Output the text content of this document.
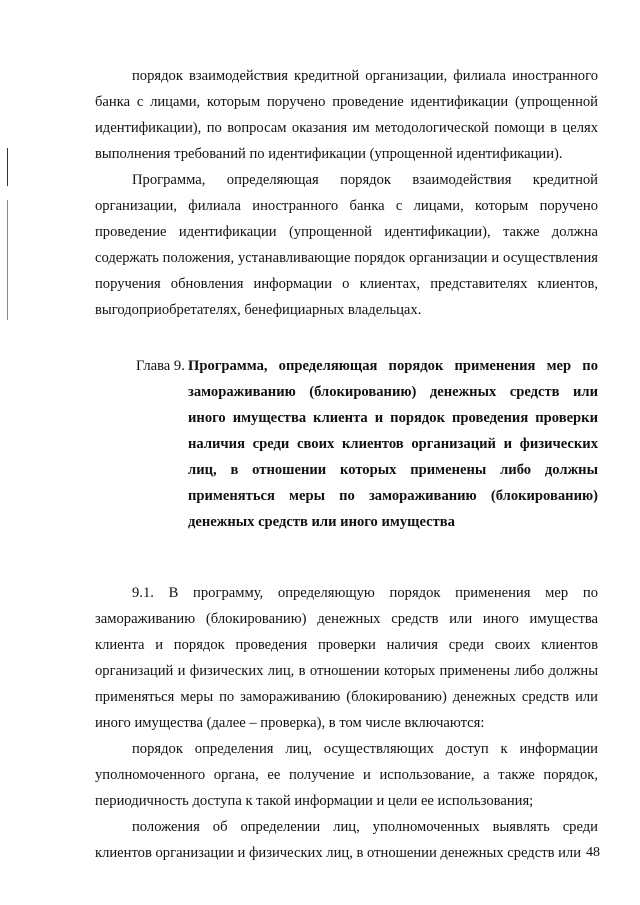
порядок взаимодействия кредитной организации, филиала иностранного банка с лицами, которым поручено проведение идентификации (упрощенной идентификации), по вопросам оказания им методологической помощи в целях выполнения требований по идентификации (упрощенной идентификации).

Программа, определяющая порядок взаимодействия кредитной организации, филиала иностранного банка с лицами, которым поручено проведение идентификации (упрощенной идентификации), также должна содержать положения, устанавливающие порядок организации и осуществления поручения обновления информации о клиентах, представителях клиентов, выгодоприобретателях, бенефициарных владельцах.

Глава 9. Программа, определяющая порядок применения мер по замораживанию (блокированию) денежных средств или иного имущества клиента и порядок проведения проверки наличия среди своих клиентов организаций и физических лиц, в отношении которых применены либо должны применяться меры по замораживанию (блокированию) денежных средств или иного имущества

9.1. В программу, определяющую порядок применения мер по замораживанию (блокированию) денежных средств или иного имущества клиента и порядок проведения проверки наличия среди своих клиентов организаций и физических лиц, в отношении которых применены либо должны применяться меры по замораживанию (блокированию) денежных средств или иного имущества (далее – проверка), в том числе включаются:

порядок определения лиц, осуществляющих доступ к информации уполномоченного органа, ее получение и использование, а также порядок, периодичность доступа к такой информации и цели ее использования;

положения об определении лиц, уполномоченных выявлять среди клиентов организации и физических лиц, в отношении денежных средств или 48
